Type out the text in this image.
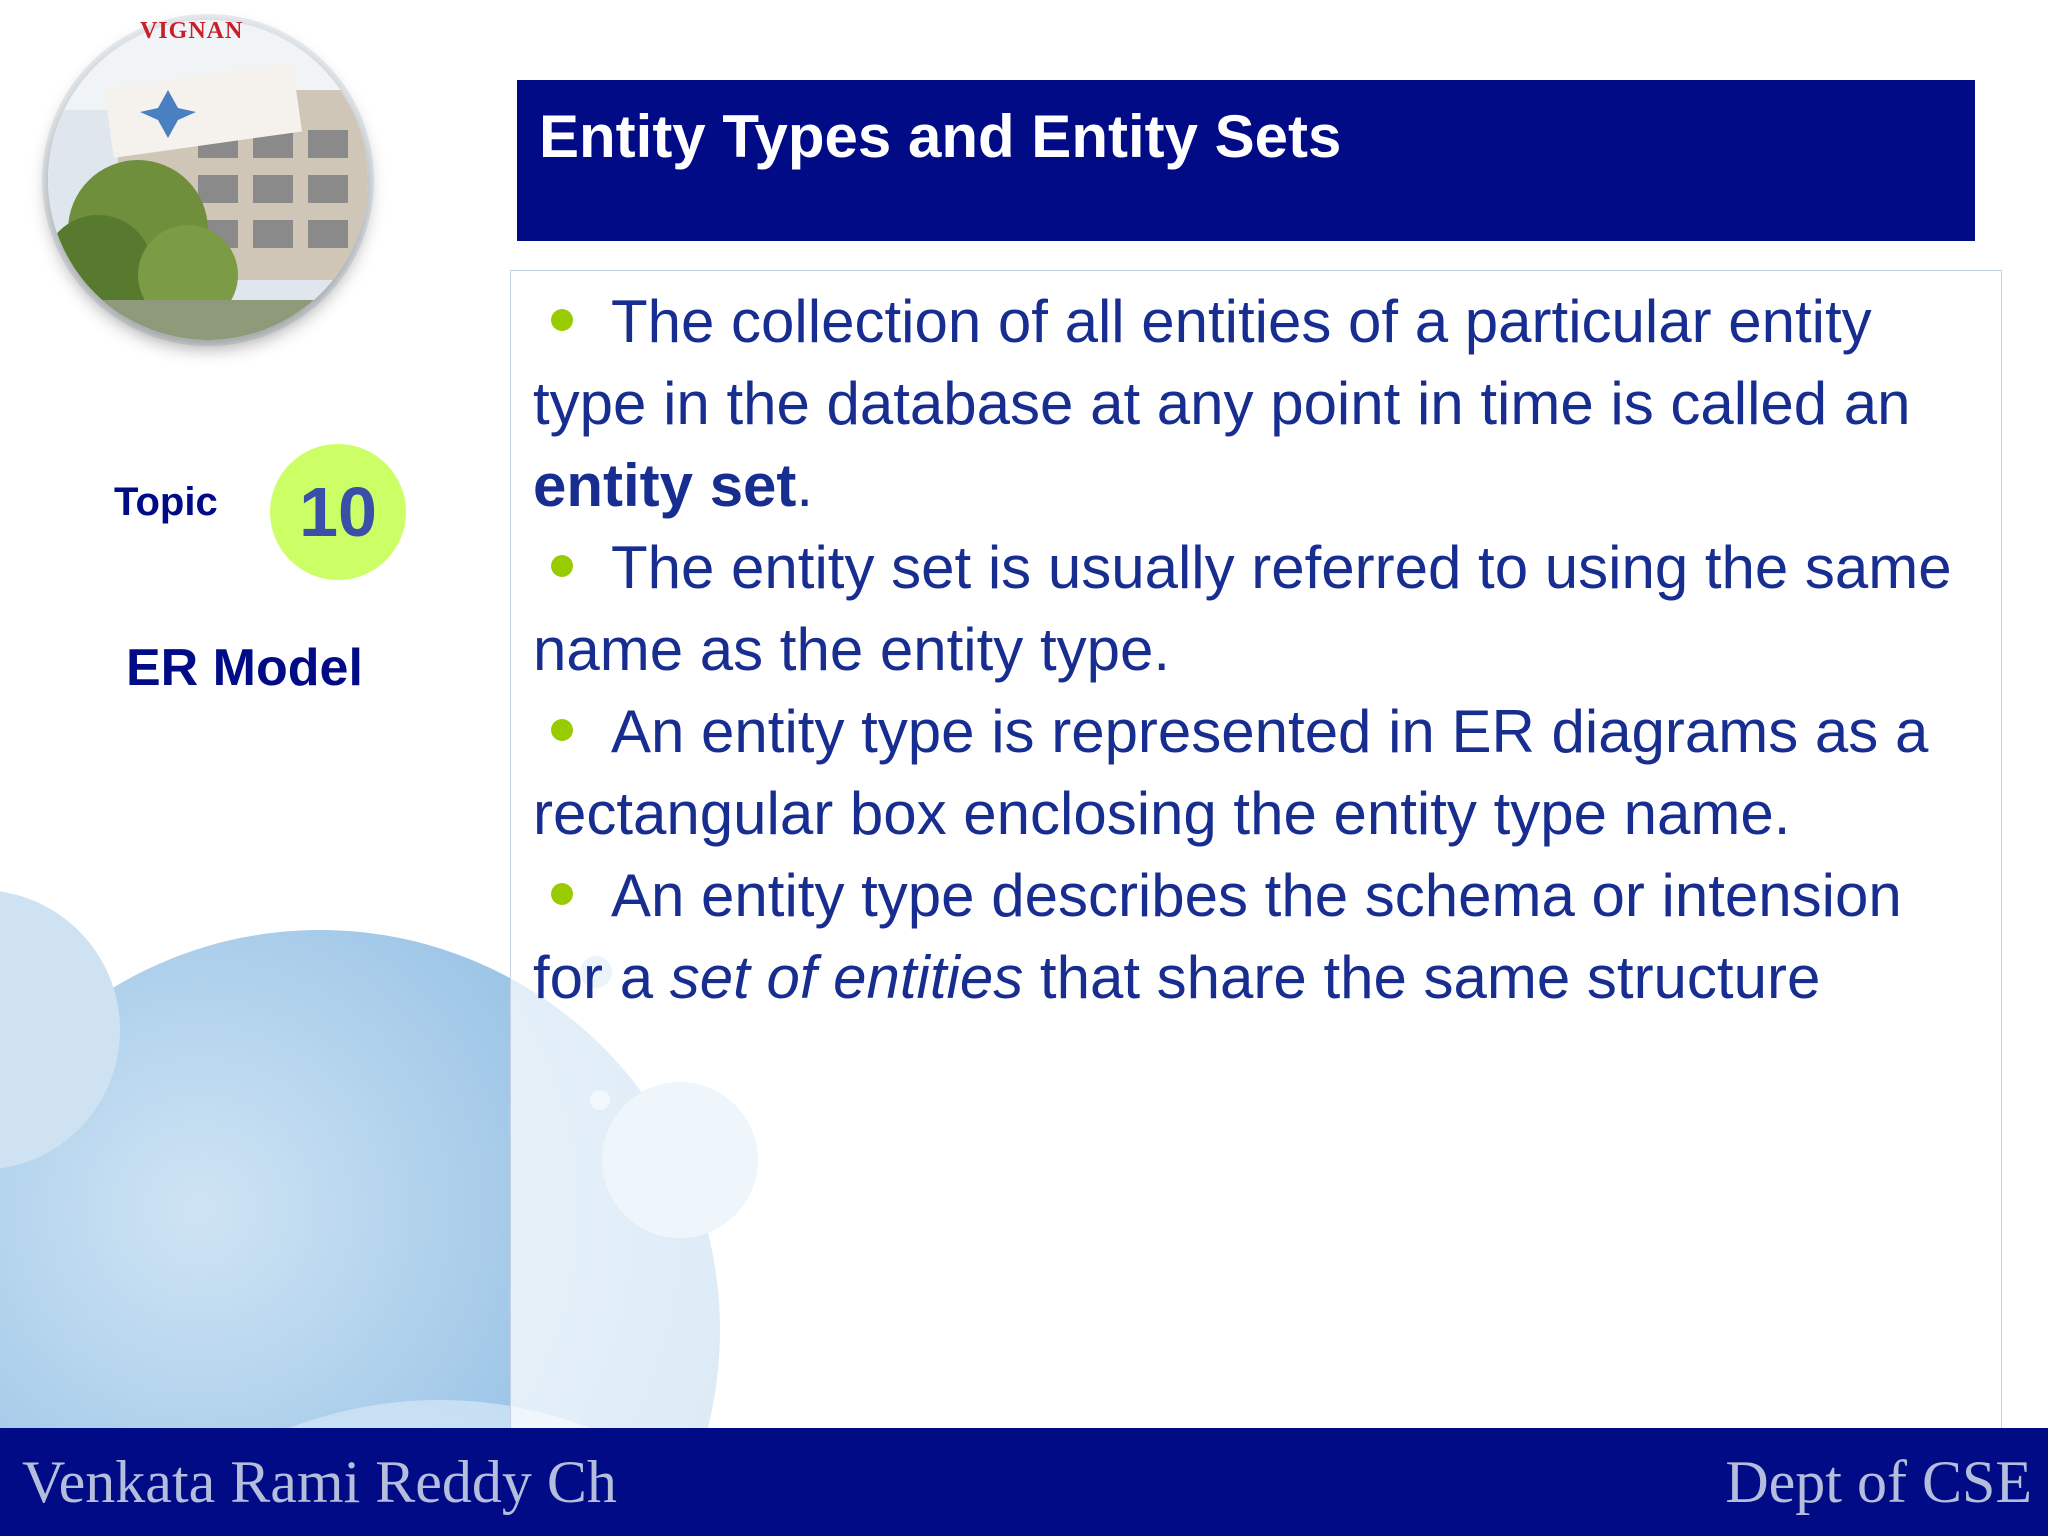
VIGNAN
Entity Types and Entity Sets
Topic	10
ER Model
The collection of all entities of a particular entity type in the database at any point in time is called an entity set.
The entity set is usually referred to using the same name as the entity type.
An entity type is represented in ER diagrams as a rectangular box enclosing the entity type name.
An entity type describes the schema or intension for a set of entities that share the same structure

Venkata Rami Reddy Ch	Dept of CSE
